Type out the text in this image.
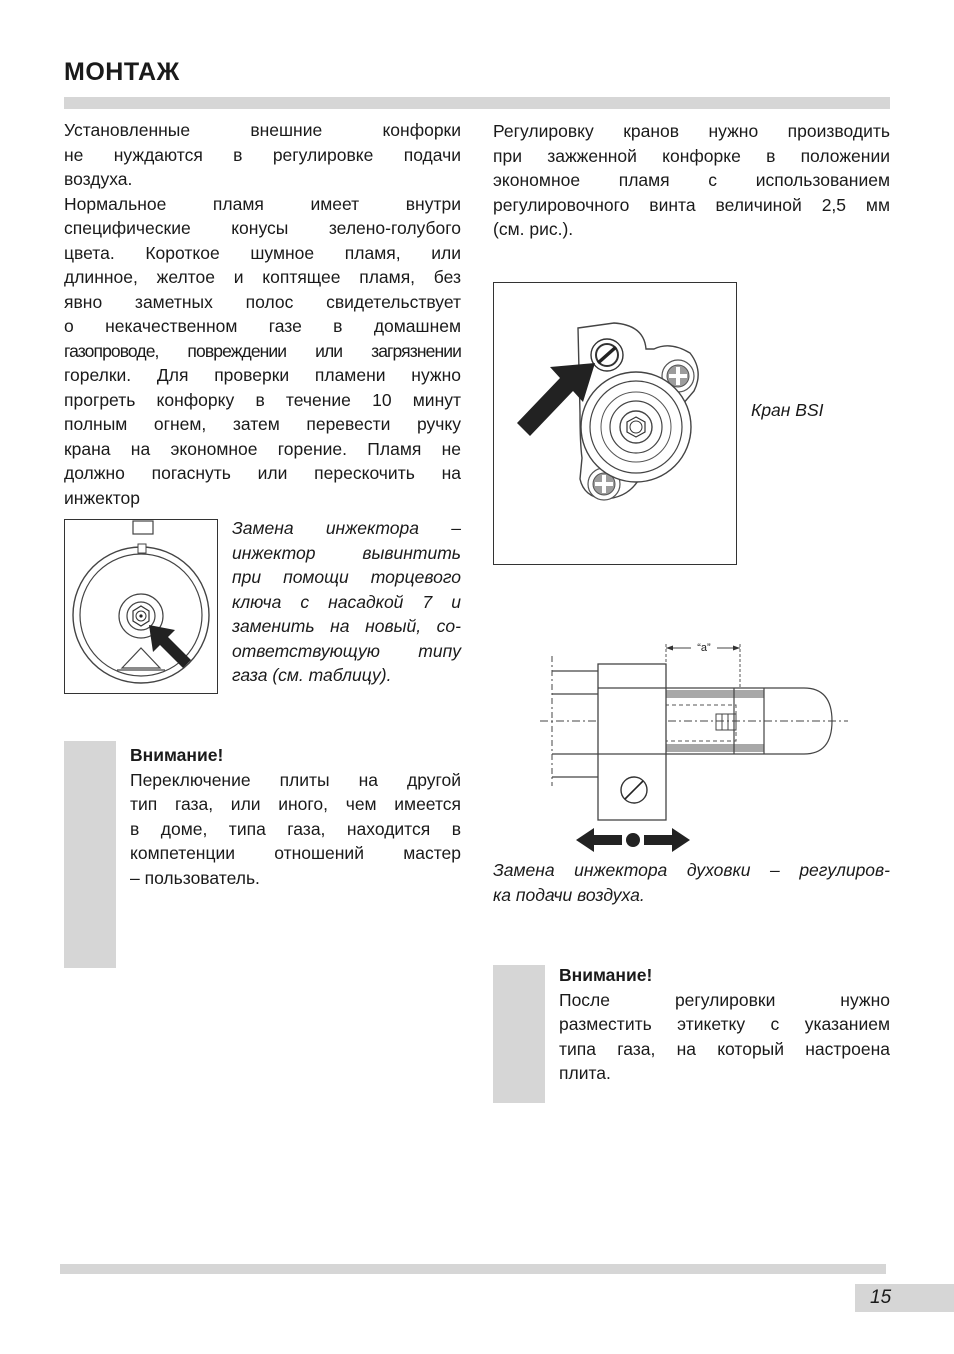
МОНТАЖ
Установленные внешние конфорки
не нуждаются в регулировке подачи
воздуха.
Нормальное пламя имеет внутри
специфические конусы зелено-голубого
цвета. Короткое шумное пламя, или
длинное, желтое и коптящее пламя, без
явно заметных полос свидетельствует
о некачественном газе в домашнем
газопроводе, повреждении или загрязнении
горелки. Для проверки пламени нужно
прогреть конфорку в течение 10 минут
полным огнем, затем перевести ручку
крана на экономное горение. Пламя не
должно погаснуть или перескочить на
инжектор
Замена инжектора –
инжектор вывинтить
при помощи торцевого
ключа с насадкой 7 и
заменить на новый, со-
ответствующую типу
газа (см. таблицу).
Внимание!
Переключение плиты на другой
тип газа, или иного, чем имеется
в доме, типа газа, находится в
компетенции отношений мастер
– пользователь.
Регулировку кранов нужно производить
при зажженной конфорке в положении
экономное пламя с использованием
регулировочного винта величиной 2,5 мм
(см. рис.).
Кран BSI
“a”
Замена инжектора духовки – регулиров-
ка подачи воздуха.
Внимание!
После регулировки нужно
разместить этикетку с указанием
типа газа, на который настроена
плита.
15
